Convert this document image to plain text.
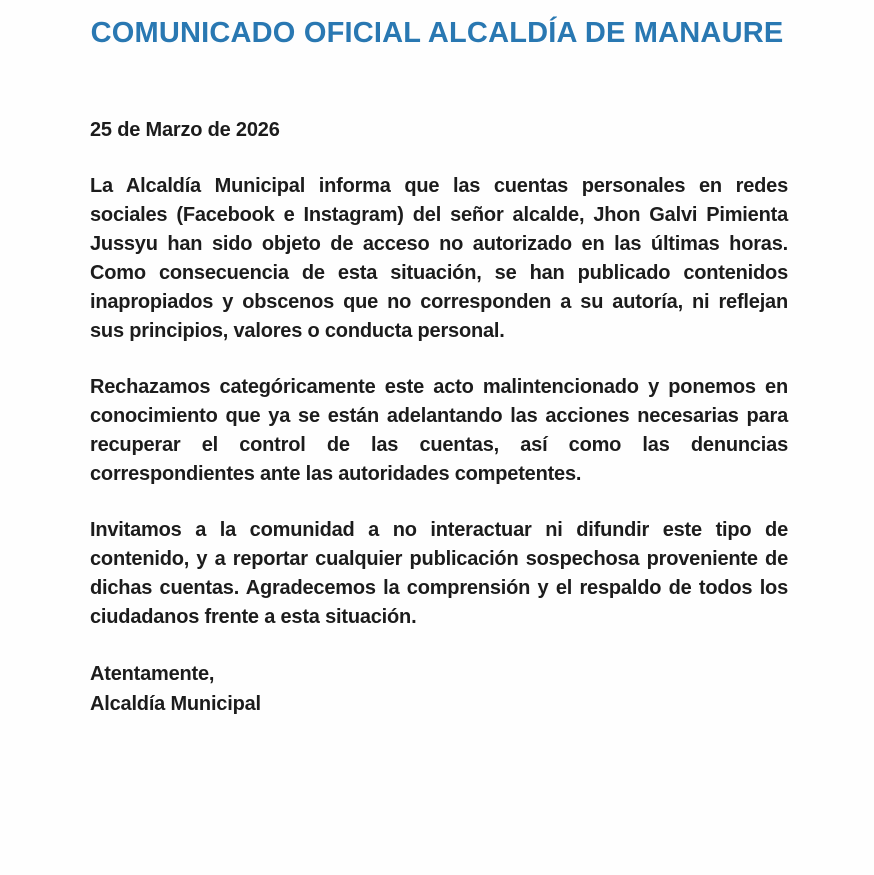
COMUNICADO OFICIAL ALCALDÍA DE MANAURE
25 de Marzo de 2026

La Alcaldía Municipal informa que las cuentas personales en redes sociales (Facebook e Instagram) del señor alcalde, Jhon Galvi Pimienta Jussyu han sido objeto de acceso no autorizado en las últimas horas. Como consecuencia de esta situación, se han publicado contenidos inapropiados y obscenos que no corresponden a su autoría, ni reflejan sus principios, valores o conducta personal.

Rechazamos categóricamente este acto malintencionado y ponemos en conocimiento que ya se están adelantando las acciones necesarias para recuperar el control de las cuentas, así como las denuncias correspondientes ante las autoridades competentes.

Invitamos a la comunidad a no interactuar ni difundir este tipo de contenido, y a reportar cualquier publicación sospechosa proveniente de dichas cuentas. Agradecemos la comprensión y el respaldo de todos los ciudadanos frente a esta situación.

Atentamente,
Alcaldía Municipal
